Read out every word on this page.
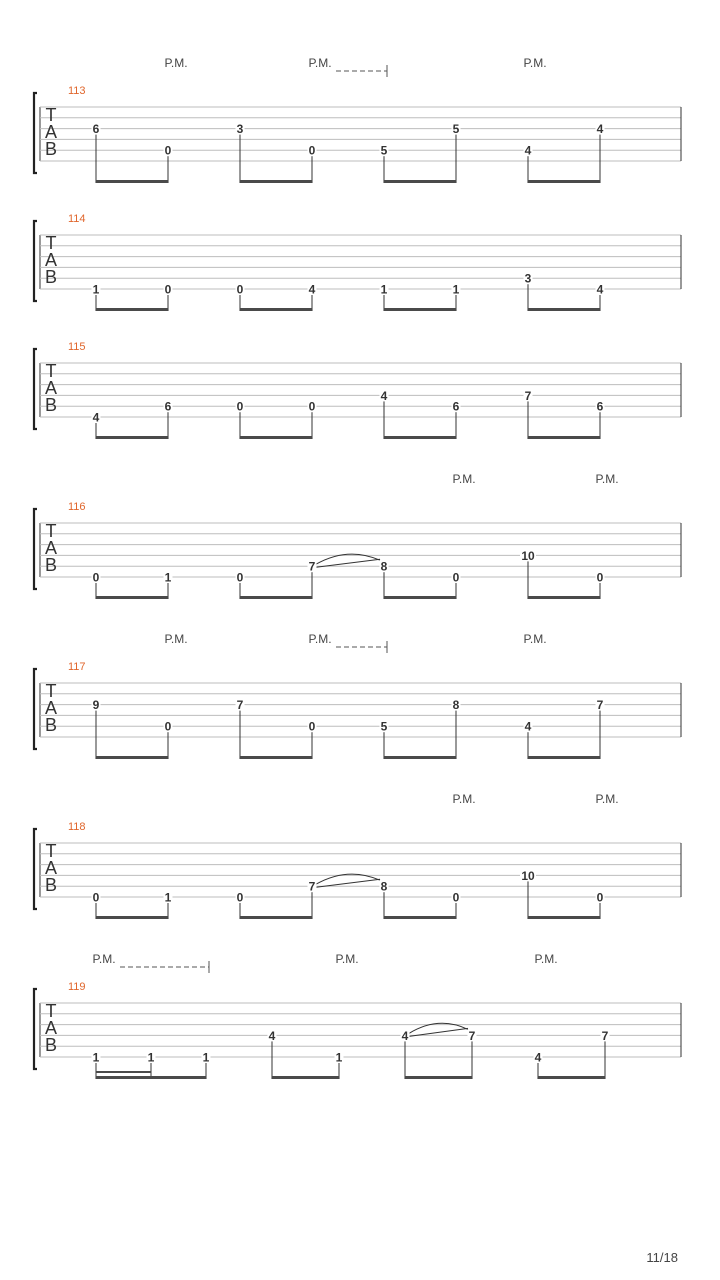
T
A
B
113
P.M.	P.M.	P.M.
6
0
3
0	5
5
4
4
T
A
B
114
1	0	0	4	1	1
3
4
T
A
B
115
4
6	0	0
4
6
7
6
T
A
B
116
P.M.	P.M.
0	1	0
7	8
0
10
0
T
A
B
117
P.M.	P.M.	P.M.
9
0
7
0	5
8
4
7
T
A
B
118
P.M.	P.M.
0	1	0
7	8
0
10
0
T
A
B
119
P.M.	P.M.	P.M.
1	1	1
4
1
4	7
4
7
11/18
